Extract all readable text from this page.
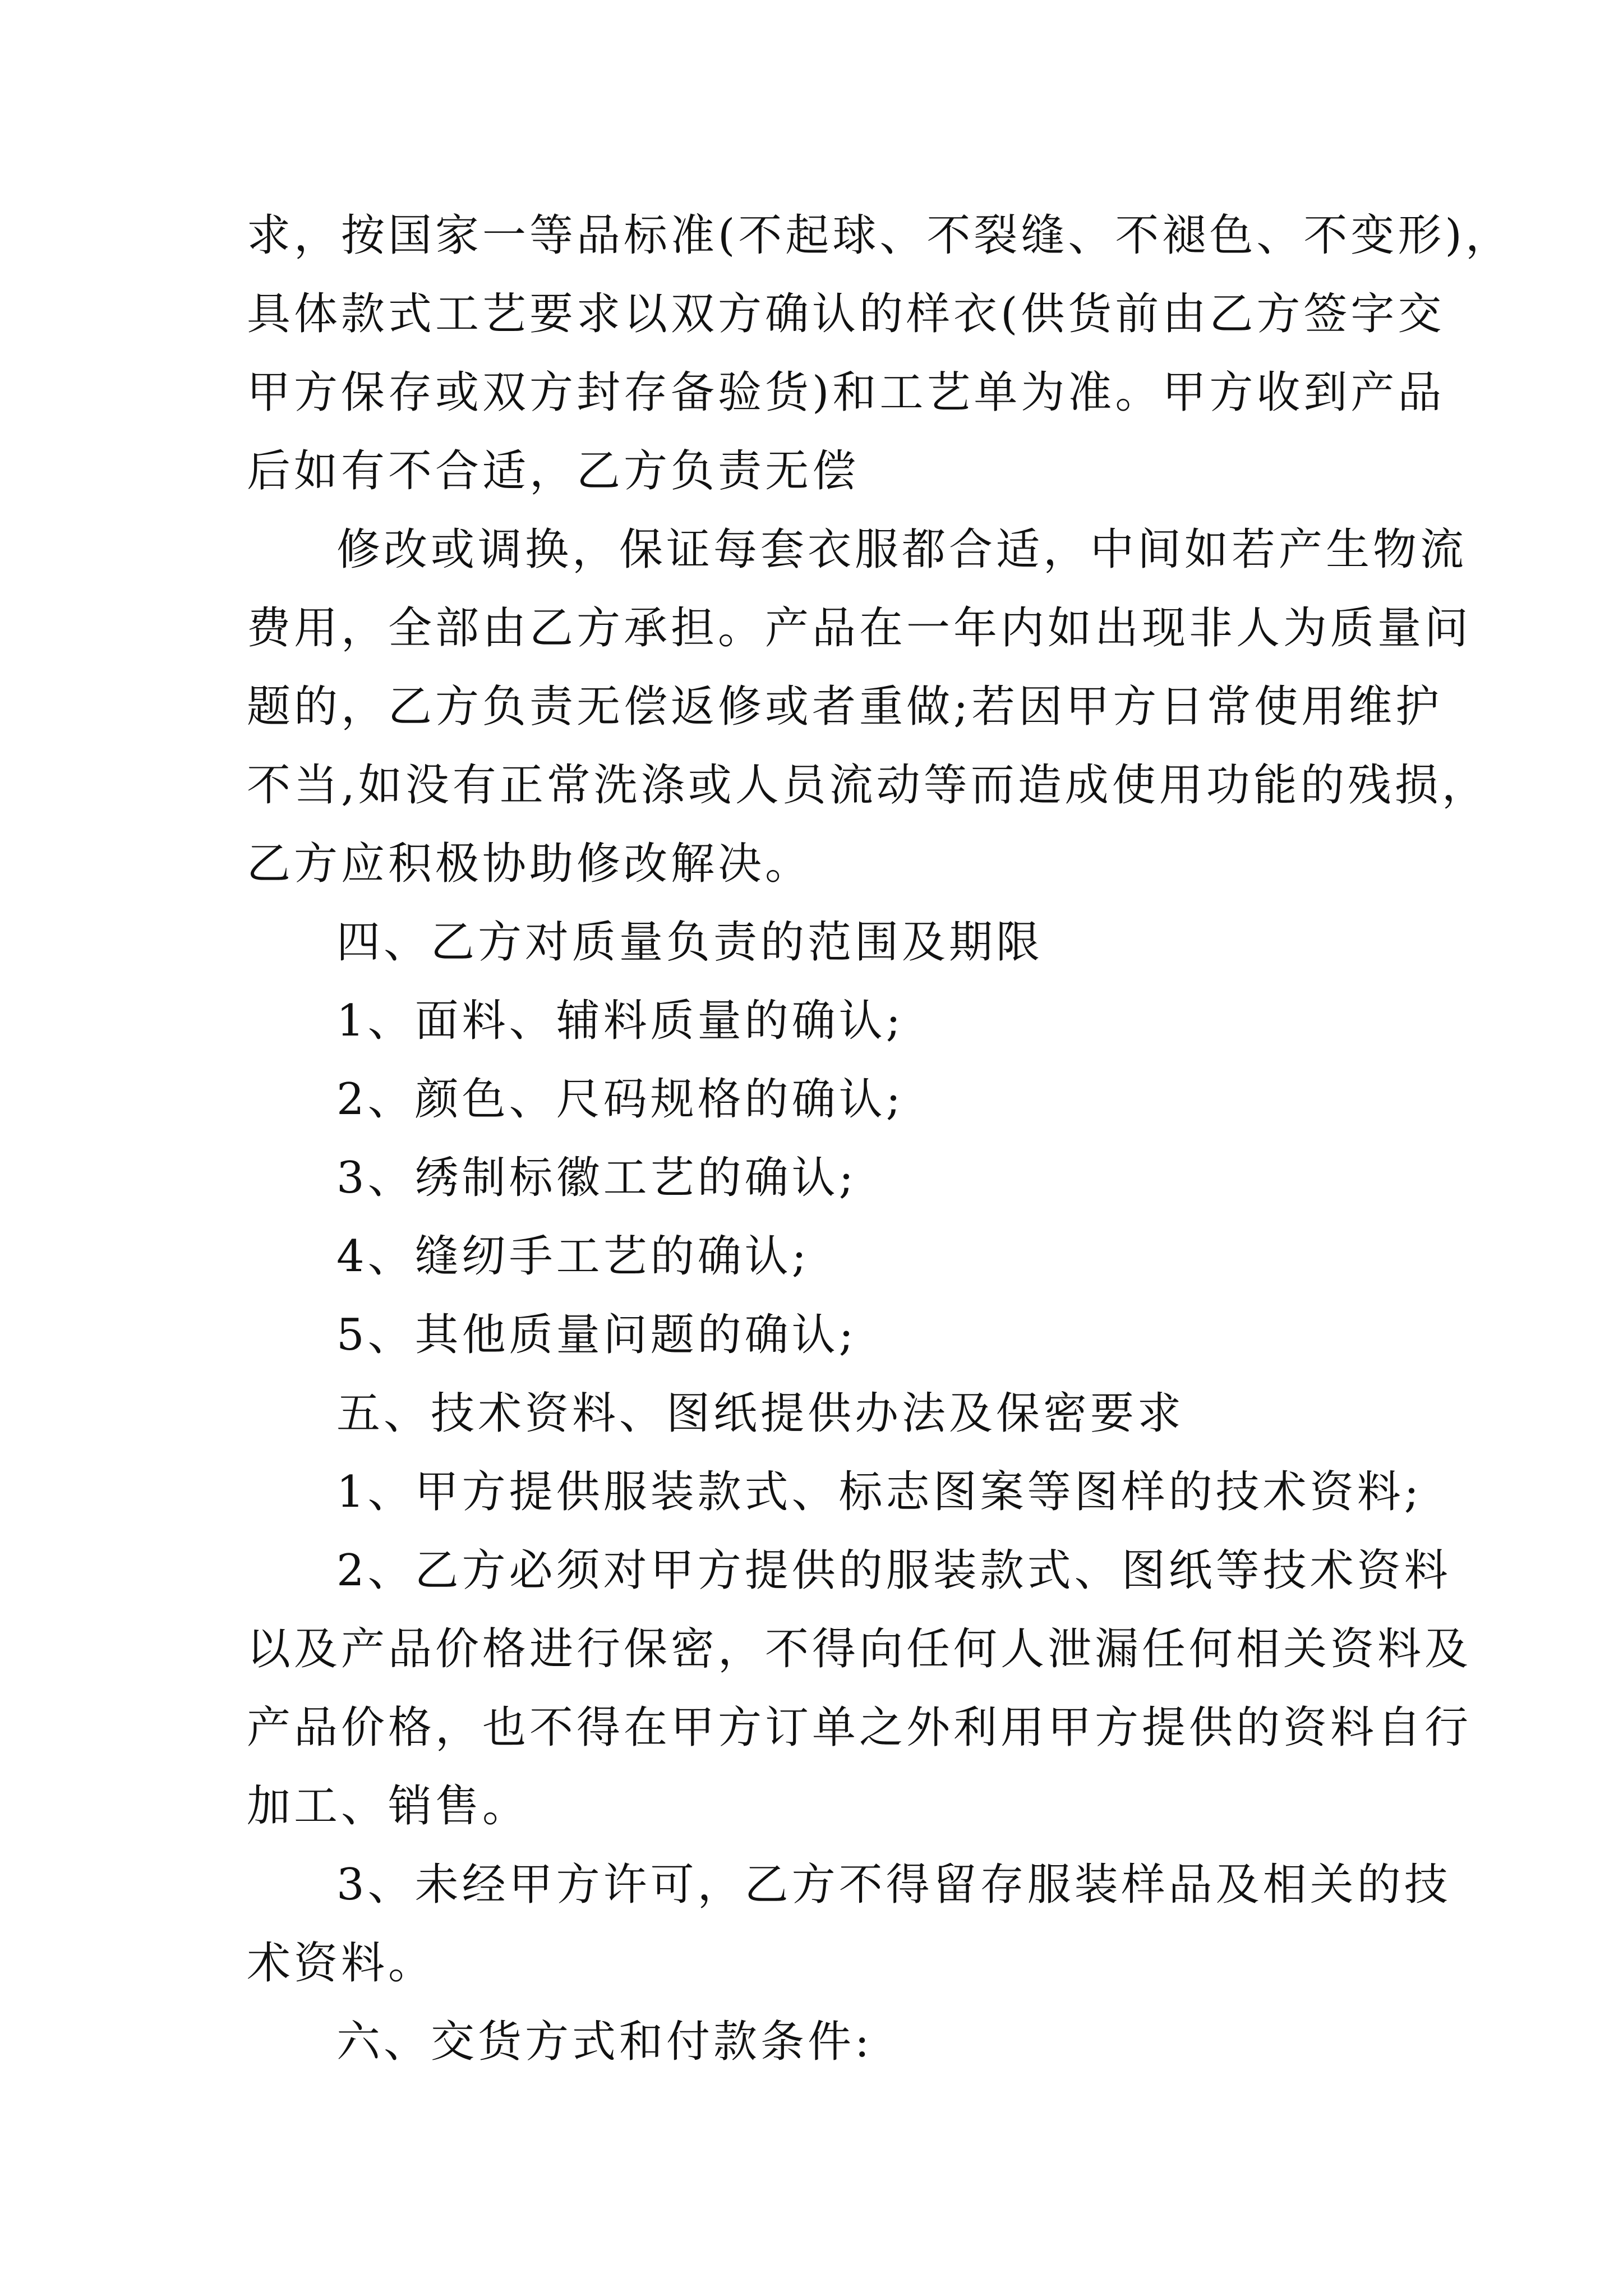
求，按国家一等品标准(不起球、不裂缝、不褪色、不变形)，

具体款式工艺要求以双方确认的样衣(供货前由乙方签字交

甲方保存或双方封存备验货)和工艺单为准。甲方收到产品

后如有不合适，乙方负责无偿

修改或调换，保证每套衣服都合适，中间如若产生物流

费用，全部由乙方承担。产品在一年内如出现非人为质量问

题的，乙方负责无偿返修或者重做;若因甲方日常使用维护

不当,如没有正常洗涤或人员流动等而造成使用功能的残损，

乙方应积极协助修改解决。

四、乙方对质量负责的范围及期限

1、面料、辅料质量的确认;

2、颜色、尺码规格的确认;

3、绣制标徽工艺的确认;

4、缝纫手工艺的确认;

5、其他质量问题的确认;

五、技术资料、图纸提供办法及保密要求

1、甲方提供服装款式、标志图案等图样的技术资料;

2、乙方必须对甲方提供的服装款式、图纸等技术资料

以及产品价格进行保密，不得向任何人泄漏任何相关资料及

产品价格，也不得在甲方订单之外利用甲方提供的资料自行

加工、销售。

3、未经甲方许可，乙方不得留存服装样品及相关的技

术资料。

六、交货方式和付款条件:
